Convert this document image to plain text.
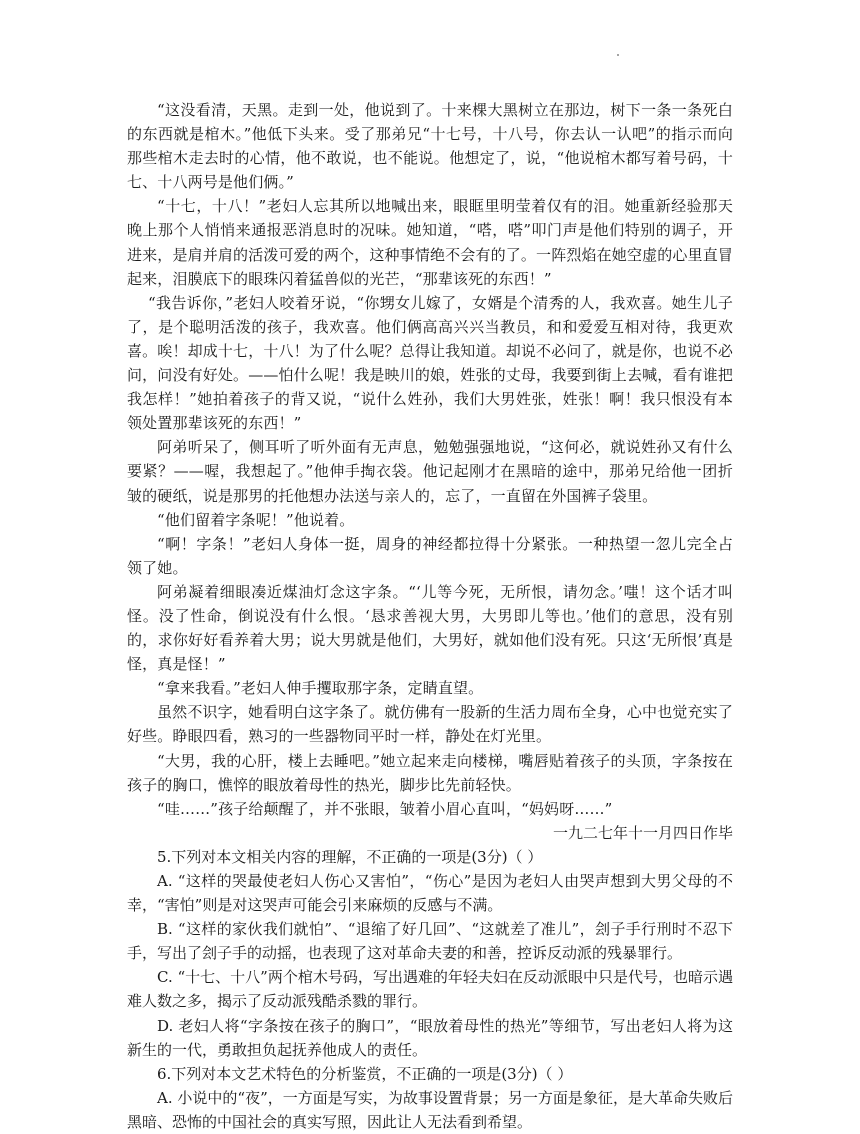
“这没看清，天黑。走到一处，他说到了。十来棵大黑树立在那边，树下一条一条死白的东西就是棺木。”他低下头来。受了那弟兄“十七号，十八号，你去认一认吧”的指示而向那些棺木走去时的心情，他不敢说，也不能说。他想定了，说，“他说棺木都写着号码，十七、十八两号是他们俩。”

“十七，十八！”老妇人忘其所以地喊出来，眼眶里明莹着仅有的泪。她重新经验那天晚上那个人悄悄来通报恶消息时的况味。她知道，“嗒，嗒”叩门声是他们特别的调子，开进来，是肩并肩的活泼可爱的两个，这种事情绝不会有的了。一阵烈焰在她空虚的心里直冒起来，泪膜底下的眼珠闪着猛兽似的光芒，“那辈该死的东西！”

“我告诉你，”老妇人咬着牙说，“你甥女儿嫁了，女婿是个清秀的人，我欢喜。她生儿子了，是个聪明活泼的孩子，我欢喜。他们俩高高兴兴当教员，和和爱爱互相对待，我更欢喜。唉！却成十七，十八！为了什么呢？总得让我知道。却说不必问了，就是你，也说不必问，问没有好处。——怕什么呢！我是映川的娘，姓张的丈母，我要到街上去喊，看有谁把我怎样！”她拍着孩子的背又说，“说什么姓孙，我们大男姓张，姓张！啊！我只恨没有本领处置那辈该死的东西！”

阿弟听呆了，侧耳听了听外面有无声息，勉勉强强地说，“这何必，就说姓孙又有什么要紧？——喔，我想起了。”他伸手掏衣袋。他记起刚才在黑暗的途中，那弟兄给他一团折皱的硬纸，说是那男的托他想办法送与亲人的，忘了，一直留在外国裤子袋里。

“他们留着字条呢！”他说着。

“啊！字条！”老妇人身体一挺，周身的神经都拉得十分紧张。一种热望一忽儿完全占领了她。

阿弟凝着细眼凑近煤油灯念这字条。“‘儿等今死，无所恨，请勿念。’嗤！这个话才叫怪。没了性命，倒说没有什么恨。‘恳求善视大男，大男即儿等也。’他们的意思，没有别的，求你好好看养着大男；说大男就是他们，大男好，就如他们没有死。只这‘无所恨’真是怪，真是怪！”

“拿来我看。”老妇人伸手攫取那字条，定睛直望。

虽然不识字，她看明白这字条了。就仿佛有一股新的生活力周布全身，心中也觉充实了好些。睁眼四看，熟习的一些器物同平时一样，静处在灯光里。

“大男，我的心肝，楼上去睡吧。”她立起来走向楼梯，嘴唇贴着孩子的头顶，字条按在孩子的胸口，憔悴的眼放着母性的热光，脚步比先前轻快。

“哇……”孩子给颠醒了，并不张眼，皱着小眉心直叫，“妈妈呀……”

一九二七年十一月四日作毕

5.下列对本文相关内容的理解，不正确的一项是(3分)（ ）

A. “这样的哭最使老妇人伤心又害怕”，“伤心”是因为老妇人由哭声想到大男父母的不幸，“害怕”则是对这哭声可能会引来麻烦的反感与不满。

B. “这样的家伙我们就怕”、“退缩了好几回”、“这就差了准儿”，刽子手行刑时不忍下手，写出了刽子手的动摇，也表现了这对革命夫妻的和善，控诉反动派的残暴罪行。

C. “十七、十八”两个棺木号码，写出遇难的年轻夫妇在反动派眼中只是代号，也暗示遇难人数之多，揭示了反动派残酷杀戮的罪行。

D. 老妇人将“字条按在孩子的胸口”，“眼放着母性的热光”等细节，写出老妇人将为这新生的一代，勇敢担负起抚养他成人的责任。

6.下列对本文艺术特色的分析鉴赏，不正确的一项是(3分)（ ）

A. 小说中的“夜”，一方面是写实，为故事设置背景；另一方面是象征，是大革命失败后黑暗、恐怖的中国社会的真实写照，因此让人无法看到希望。
